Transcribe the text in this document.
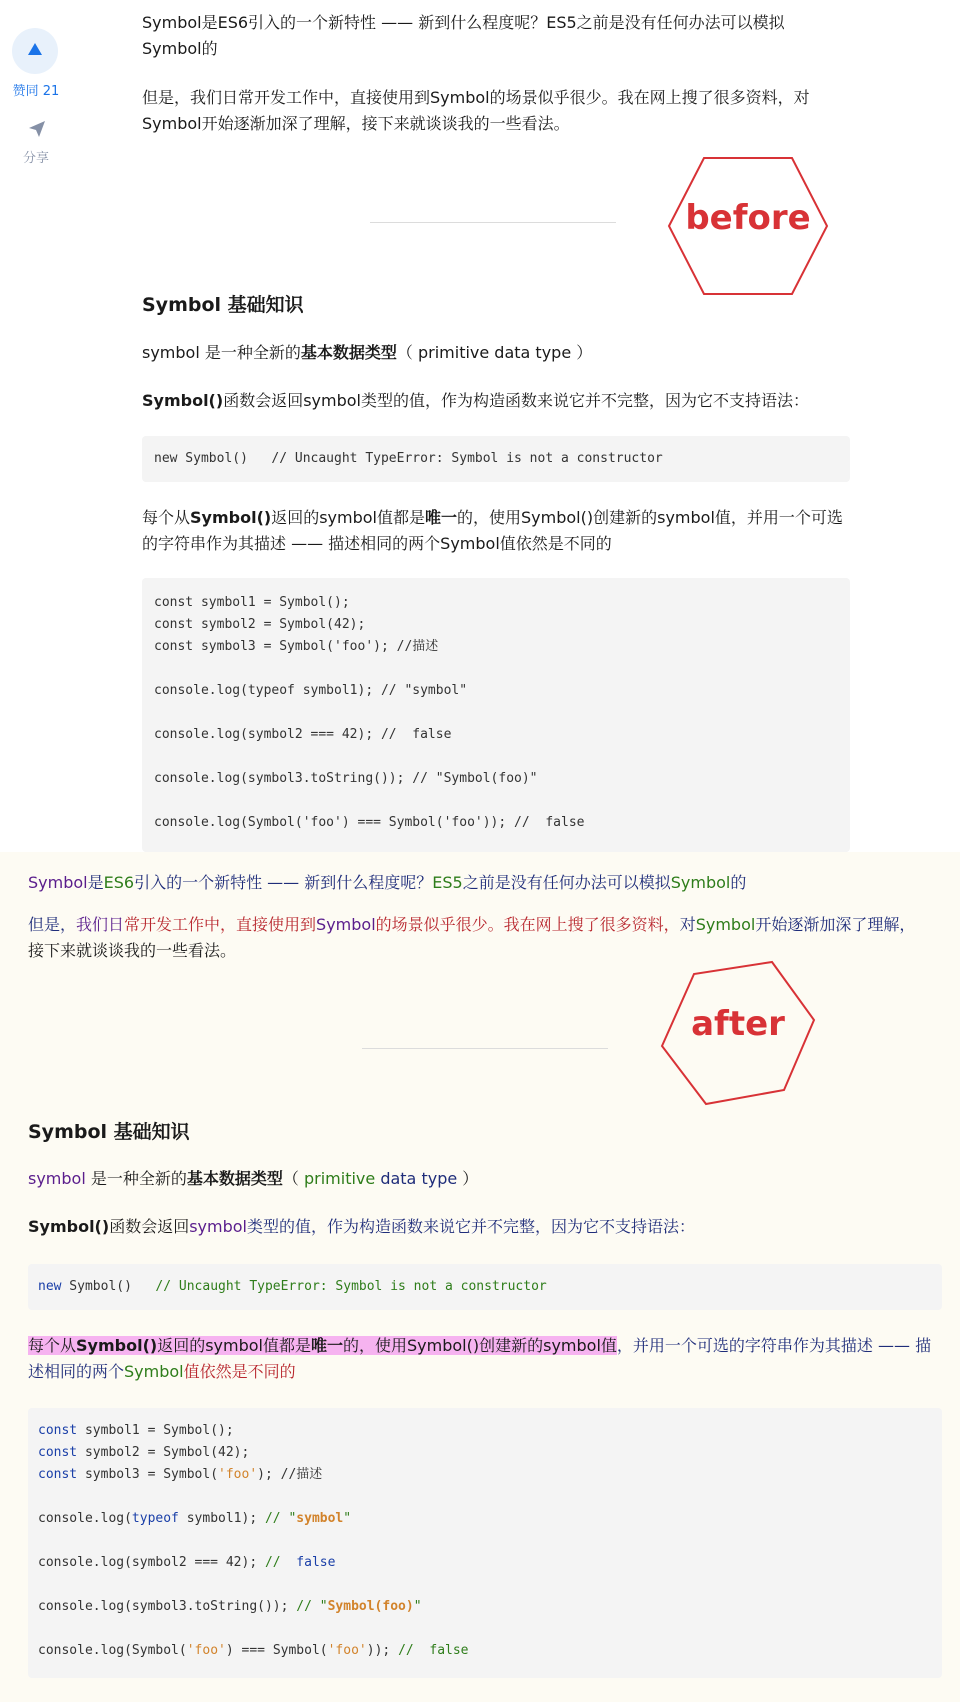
赞同 21
分享

Symbol是ES6引入的一个新特性 —— 新到什么程度呢？ES5之前是没有任何办法可以模拟
Symbol的

但是，我们日常开发工作中，直接使用到Symbol的场景似乎很少。我在网上搜了很多资料，对
Symbol开始逐渐加深了理解，接下来就谈谈我的一些看法。

before
Symbol 基础知识

symbol 是一种全新的基本数据类型（ primitive data type ）

Symbol()函数会返回symbol类型的值，作为构造函数来说它并不完整，因为它不支持语法：

new Symbol()   // Uncaught TypeError: Symbol is not a constructor

每个从Symbol()返回的symbol值都是唯一的，使用Symbol()创建新的symbol值，并用一个可选
的字符串作为其描述 —— 描述相同的两个Symbol值依然是不同的

const symbol1 = Symbol();
const symbol2 = Symbol(42);
const symbol3 = Symbol('foo'); //描述

console.log(typeof symbol1); // "symbol"

console.log(symbol2 === 42); //  false

console.log(symbol3.toString()); // "Symbol(foo)"

console.log(Symbol('foo') === Symbol('foo')); //  false

Symbol是ES6引入的一个新特性 —— 新到什么程度呢？ES5之前是没有任何办法可以模拟Symbol的

但是，我们日常开发工作中，直接使用到Symbol的场景似乎很少。我在网上搜了很多资料，对Symbol开始逐渐加深了理解，
接下来就谈谈我的一些看法。

after
Symbol 基础知识

symbol 是一种全新的基本数据类型（ primitive data type ）

Symbol()函数会返回symbol类型的值，作为构造函数来说它并不完整，因为它不支持语法：

new Symbol()   // Uncaught TypeError: Symbol is not a constructor

每个从Symbol()返回的symbol值都是唯一的，使用Symbol()创建新的symbol值，并用一个可选的字符串作为其描述 —— 描
述相同的两个Symbol值依然是不同的

const symbol1 = Symbol();
const symbol2 = Symbol(42);
const symbol3 = Symbol('foo'); //描述

console.log(typeof symbol1); // "symbol"

console.log(symbol2 === 42); //  false

console.log(symbol3.toString()); // "Symbol(foo)"

console.log(Symbol('foo') === Symbol('foo')); //  false
